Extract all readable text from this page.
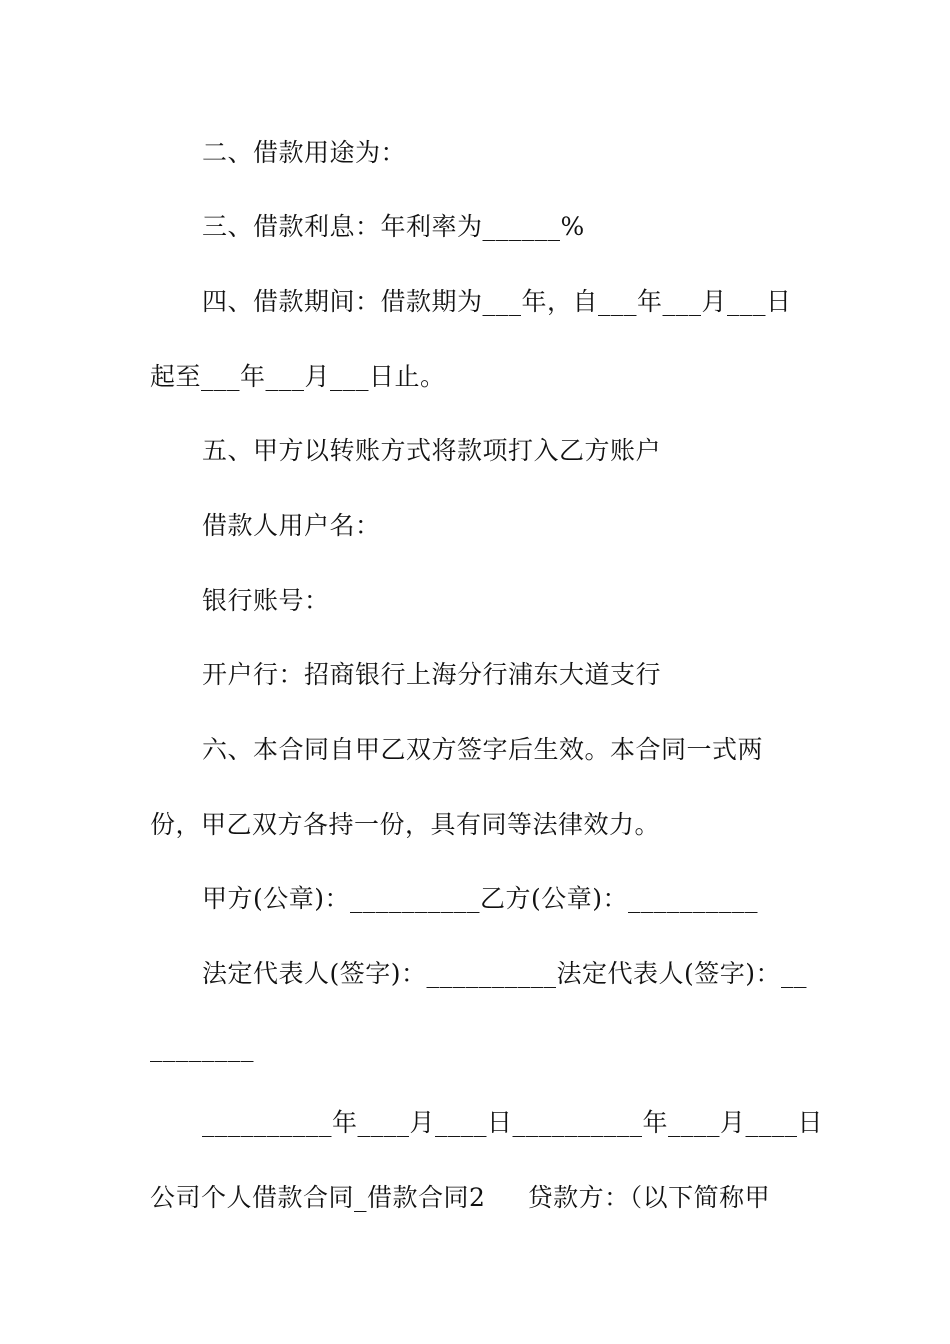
二、借款用途为：
三、借款利息：年利率为______%
四、借款期间：借款期为___年，自___年___月___日
起至___年___月___日止。
五、甲方以转账方式将款项打入乙方账户
借款人用户名：
银行账号：
开户行：招商银行上海分行浦东大道支行
六、本合同自甲乙双方签字后生效。本合同一式两
份，甲乙双方各持一份，具有同等法律效力。
甲方(公章)：__________乙方(公章)：__________
法定代表人(签字)：__________法定代表人(签字)：__
________
__________年____月____日__________年____月____日
公司个人借款合同_借款合同2     贷款方：（以下简称甲
